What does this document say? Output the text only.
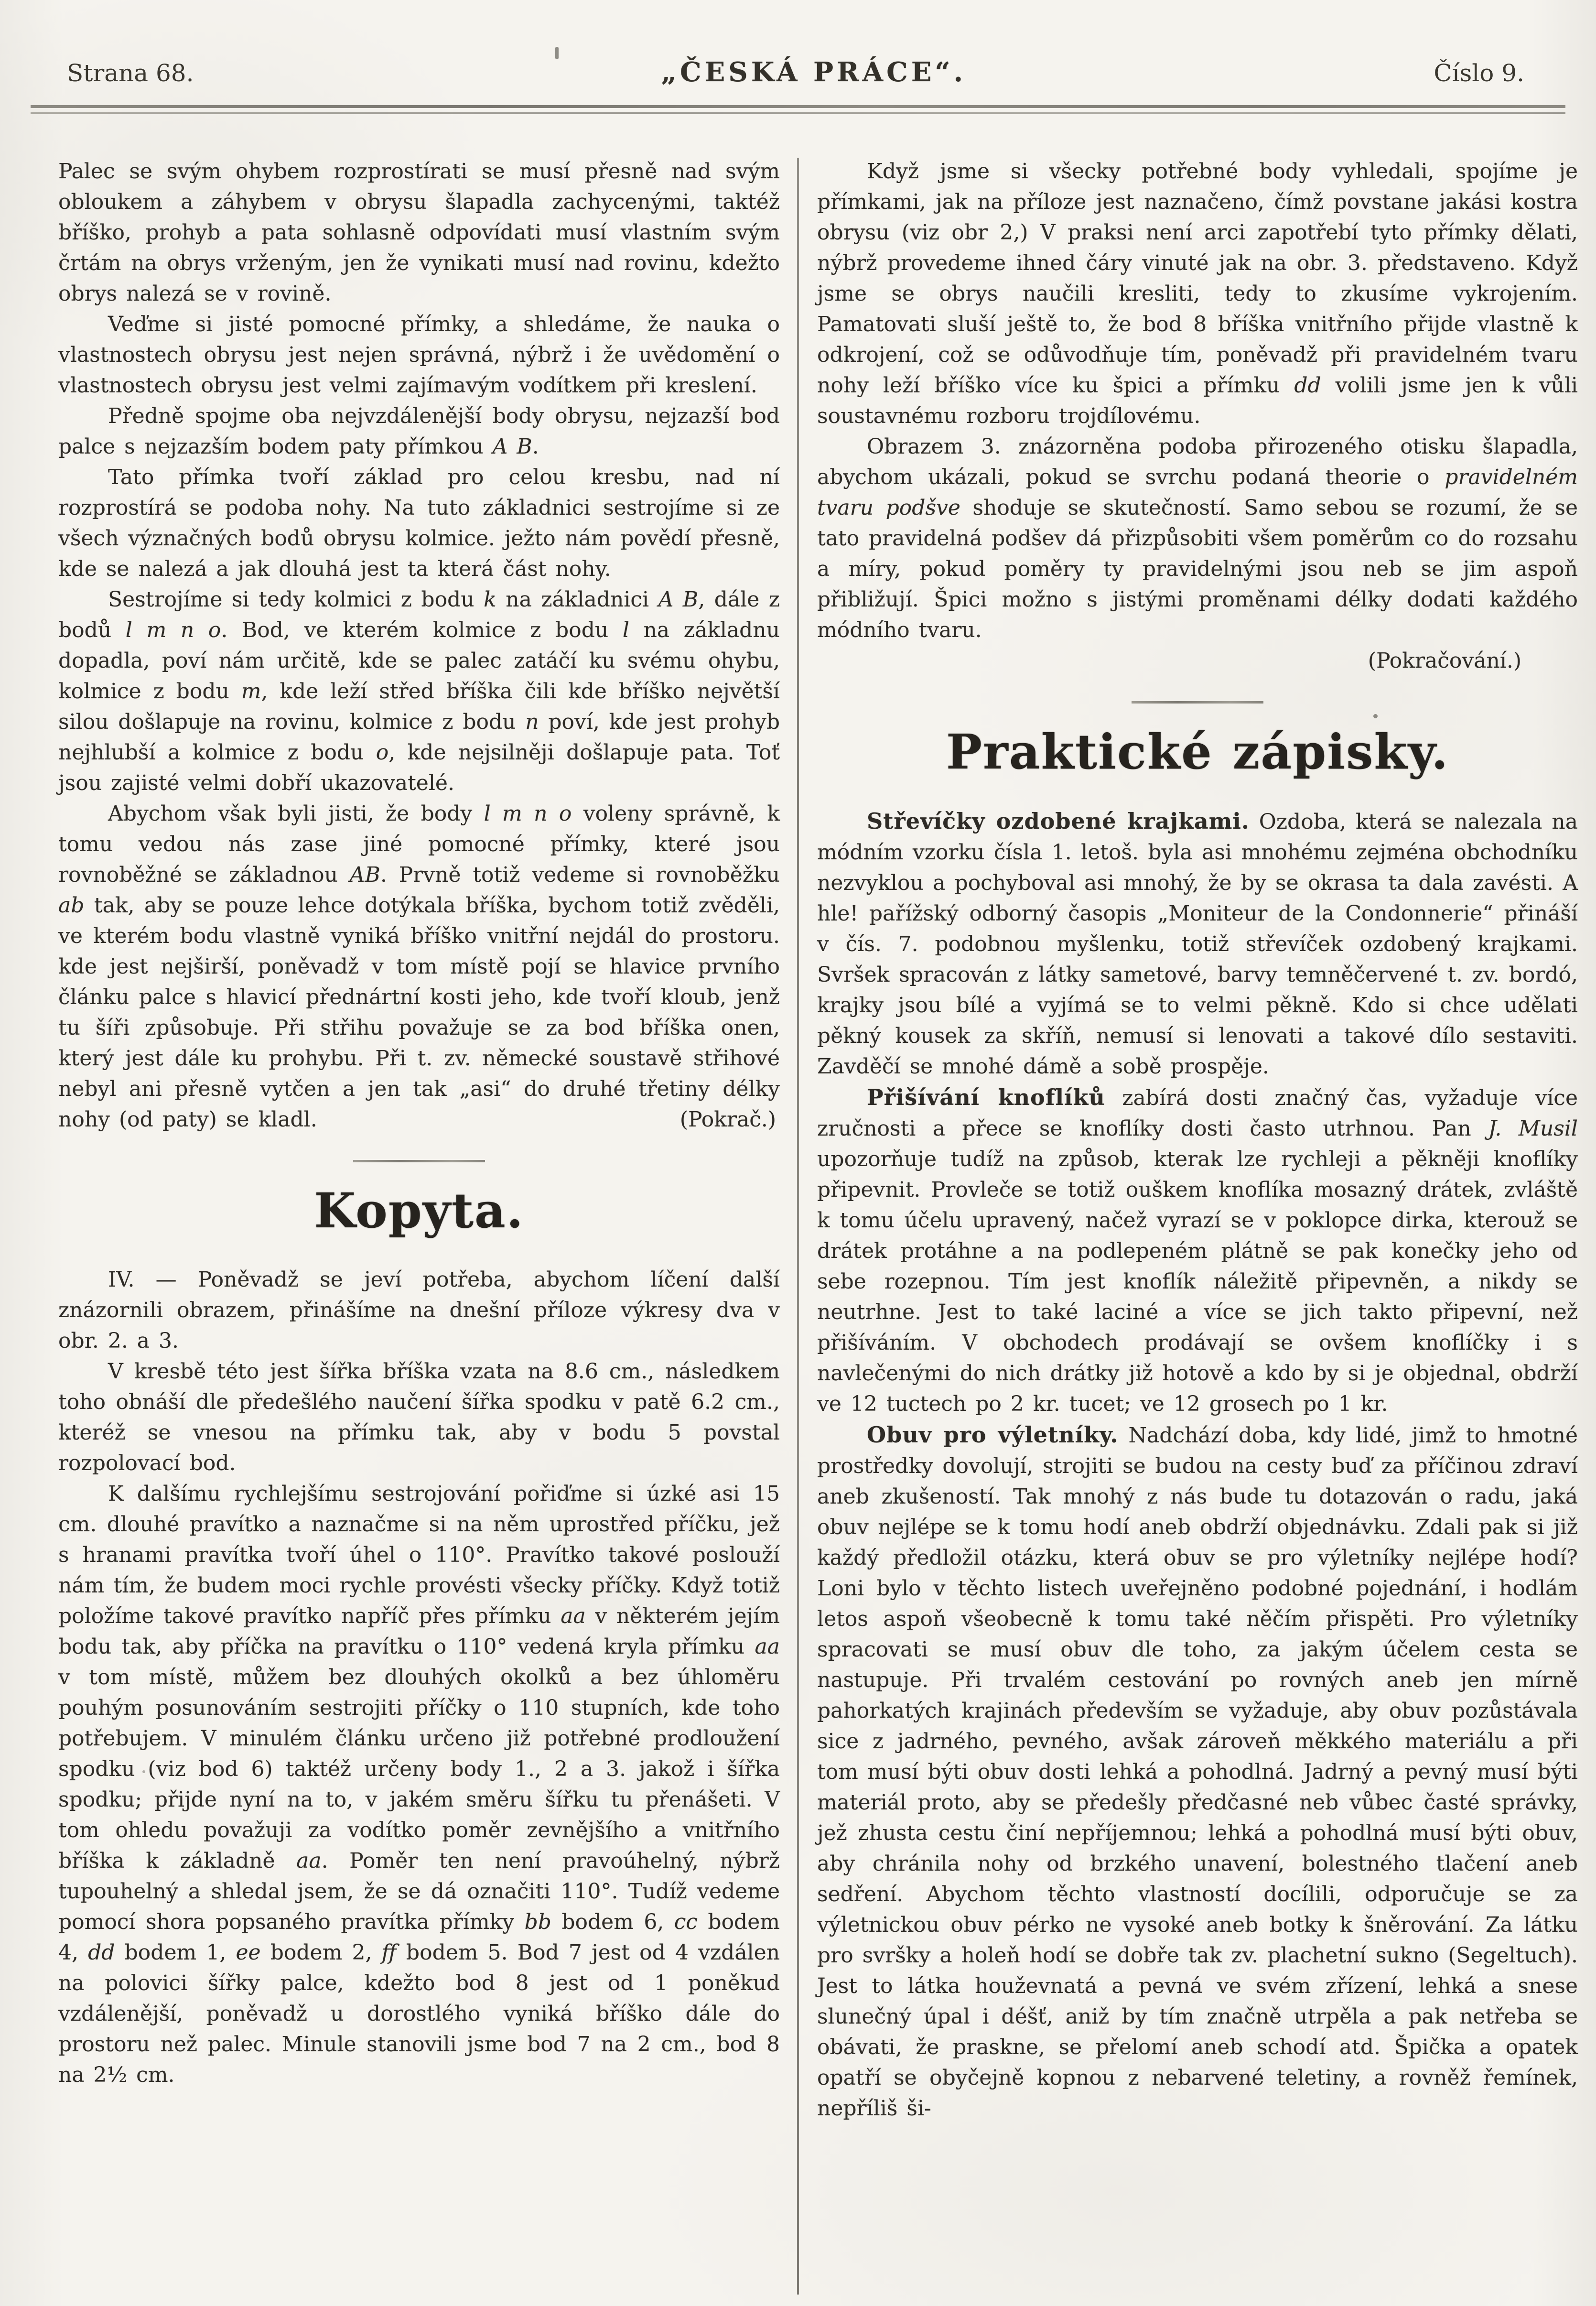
Strana 68.	„ČESKÁ PRÁCE“.	Číslo 9.

Palec se svým ohybem rozprostírati se musí přesně nad svým obloukem a záhybem v obrysu šlapadla zachycenými, taktéž bříško, prohyb a pata sohlasně odpovídati musí vlastním svým črtám na obrys vrženým, jen že vynikati musí nad rovinu, kdežto obrys nalezá se v rovině.

Veďme si jisté pomocné přímky, a shledáme, že nauka o vlastnostech obrysu jest nejen správná, nýbrž i že uvědomění o vlastnostech obrysu jest velmi zajímavým vodítkem při kreslení.

Předně spojme oba nejvzdálenější body obrysu, nejzazší bod palce s nejzazším bodem paty přímkou A B.

Tato přímka tvoří základ pro celou kresbu, nad ní rozprostírá se podoba nohy. Na tuto základnici sestrojíme si ze všech význačných bodů obrysu kolmice. ježto nám povědí přesně, kde se nalezá a jak dlouhá jest ta která část nohy.

Sestrojíme si tedy kolmici z bodu k na základnici A B, dále z bodů l m n o. Bod, ve kterém kolmice z bodu l na základnu dopadla, poví nám určitě, kde se palec zatáčí ku svému ohybu, kolmice z bodu m, kde leží střed bříška čili kde bříško největší silou došlapuje na rovinu, kolmice z bodu n poví, kde jest prohyb nejhlubší a kolmice z bodu o, kde nejsilněji došlapuje pata. Toť jsou zajisté velmi dobří ukazovatelé.

Abychom však byli jisti, že body l m n o voleny správně, k tomu vedou nás zase jiné pomocné přímky, které jsou rovnoběžné se základnou AB. Prvně totiž vedeme si rovnoběžku ab tak, aby se pouze lehce dotýkala bříška, bychom totiž zvěděli, ve kterém bodu vlastně vyniká bříško vnitřní nejdál do prostoru. kde jest nejširší, poněvadž v tom místě pojí se hlavice prvního článku palce s hlavicí přednártní kosti jeho, kde tvoří kloub, jenž tu šíři způsobuje. Při střihu považuje se za bod bříška onen, který jest dále ku prohybu. Při t. zv. německé soustavě střihové nebyl ani přesně vytčen a jen tak „asi“ do druhé třetiny délky nohy (od paty) se kladl.	(Pokrač.)
Kopyta.

IV. — Poněvadž se jeví potřeba, abychom líčení další znázornili obrazem, přinášíme na dnešní příloze výkresy dva v obr. 2. a 3.

V kresbě této jest šířka bříška vzata na 8.6 cm., následkem toho obnáší dle předešlého naučení šířka spodku v patě 6.2 cm., kteréž se vnesou na přímku tak, aby v bodu 5 povstal rozpolovací bod.

K dalšímu rychlejšímu sestrojování pořiďme si úzké asi 15 cm. dlouhé pravítko a naznačme si na něm uprostřed příčku, jež s hranami pravítka tvoří úhel o 110°. Pravítko takové poslouží nám tím, že budem moci rychle provésti všecky příčky. Když totiž položíme takové pravítko napříč přes přímku aa v některém jejím bodu tak, aby příčka na pravítku o 110° vedená kryla přímku aa v tom místě, můžem bez dlouhých okolků a bez úhloměru pouhým posunováním sestrojiti příčky o 110 stupních, kde toho potřebujem. V minulém článku určeno již potřebné prodloužení spodku (viz bod 6) taktéž určeny body 1., 2 a 3. jakož i šířka spodku; přijde nyní na to, v jakém směru šířku tu přenášeti. V tom ohledu považuji za vodítko poměr zevnějšího a vnitřního bříška k základně aa. Poměr ten není pravoúhelný, nýbrž tupouhelný a shledal jsem, že se dá označiti 110°. Tudíž vedeme pomocí shora popsaného pravítka přímky bb bodem 6, cc bodem 4, dd bodem 1, ee bodem 2, ff bodem 5. Bod 7 jest od 4 vzdálen na polovici šířky palce, kdežto bod 8 jest od 1 poněkud vzdálenější, poněvadž u dorostlého vyniká bříško dále do prostoru než palec. Minule stanovili jsme bod 7 na 2 cm., bod 8 na 2½ cm.

Když jsme si všecky potřebné body vyhledali, spojíme je přímkami, jak na příloze jest naznačeno, čímž povstane jakási kostra obrysu (viz obr 2,) V praksi není arci zapotřebí tyto přímky dělati, nýbrž provedeme ihned čáry vinuté jak na obr. 3. představeno. Když jsme se obrys naučili kresliti, tedy to zkusíme vykrojením. Pamatovati sluší ještě to, že bod 8 bříška vnitřního přijde vlastně k odkrojení, což se odůvodňuje tím, poněvadž při pravidelném tvaru nohy leží bříško více ku špici a přímku dd volili jsme jen k vůli soustavnému rozboru trojdílovému.

Obrazem 3. znázorněna podoba přirozeného otisku šlapadla, abychom ukázali, pokud se svrchu podaná theorie o pravidelném tvaru podšve shoduje se skutečností. Samo sebou se rozumí, že se tato pravidelná podšev dá přizpůsobiti všem poměrům co do rozsahu a míry, pokud poměry ty pravidelnými jsou neb se jim aspoň přibližují. Špici možno s jistými proměnami délky dodati každého módního tvaru.

(Pokračování.)
Praktické zápisky.

Střevíčky ozdobené krajkami. Ozdoba, která se nalezala na módním vzorku čísla 1. letoš. byla asi mnohému zejména obchodníku nezvyklou a pochyboval asi mnohý, že by se okrasa ta dala zavésti. A hle! pařížský odborný časopis „Moniteur de la Condonnerie“ přináší v čís. 7. podobnou myšlenku, totiž střevíček ozdobený krajkami. Svršek spracován z látky sametové, barvy temněčervené t. zv. bordó, krajky jsou bílé a vyjímá se to velmi pěkně. Kdo si chce udělati pěkný kousek za skříň, nemusí si lenovati a takové dílo sestaviti. Zavděčí se mnohé dámě a sobě prospěje.

Přišívání knoflíků zabírá dosti značný čas, vyžaduje více zručnosti a přece se knoflíky dosti často utrhnou. Pan J. Musil upozorňuje tudíž na způsob, kterak lze rychleji a pěkněji knoflíky připevnit. Provleče se totiž ouškem knoflíka mosazný drátek, zvláště k tomu účelu upravený, načež vyrazí se v poklopce dirka, kterouž se drátek protáhne a na podlepeném plátně se pak konečky jeho od sebe rozepnou. Tím jest knoflík náležitě připevněn, a nikdy se neutrhne. Jest to také laciné a více se jich takto připevní, než přišíváním. V obchodech prodávají se ovšem knoflíčky i s navlečenými do nich drátky již hotově a kdo by si je objednal, obdrží ve 12 tuctech po 2 kr. tucet; ve 12 grosech po 1 kr.

Obuv pro výletníky. Nadchází doba, kdy lidé, jimž to hmotné prostředky dovolují, strojiti se budou na cesty buď za příčinou zdraví aneb zkušeností. Tak mnohý z nás bude tu dotazován o radu, jaká obuv nejlépe se k tomu hodí aneb obdrží objednávku. Zdali pak si již každý předložil otázku, která obuv se pro výletníky nejlépe hodí? Loni bylo v těchto listech uveřejněno podobné pojednání, i hodlám letos aspoň všeobecně k tomu také něčím přispěti. Pro výletníky spracovati se musí obuv dle toho, za jakým účelem cesta se nastupuje. Při trvalém cestování po rovných aneb jen mírně pahorkatých krajinách především se vyžaduje, aby obuv pozůstávala sice z jadrného, pevného, avšak zároveň měkkého materiálu a při tom musí býti obuv dosti lehká a pohodlná. Jadrný a pevný musí býti materiál proto, aby se předešly předčasné neb vůbec časté správky, jež zhusta cestu činí nepříjemnou; lehká a pohodlná musí býti obuv, aby chránila nohy od brzkého unavení, bolestného tlačení aneb sedření. Abychom těchto vlastností docílili, odporučuje se za výletnickou obuv pérko ne vysoké aneb botky k šněrování. Za látku pro svršky a holeň hodí se dobře tak zv. plachetní sukno (Segeltuch). Jest to látka houževnatá a pevná ve svém zřízení, lehká a snese slunečný úpal i déšť, aniž by tím značně utrpěla a pak netřeba se obávati, že praskne, se přelomí aneb schodí atd. Špička a opatek opatří se obyčejně kopnou z nebarvené teletiny, a rovněž řemínek, nepříliš ši-
